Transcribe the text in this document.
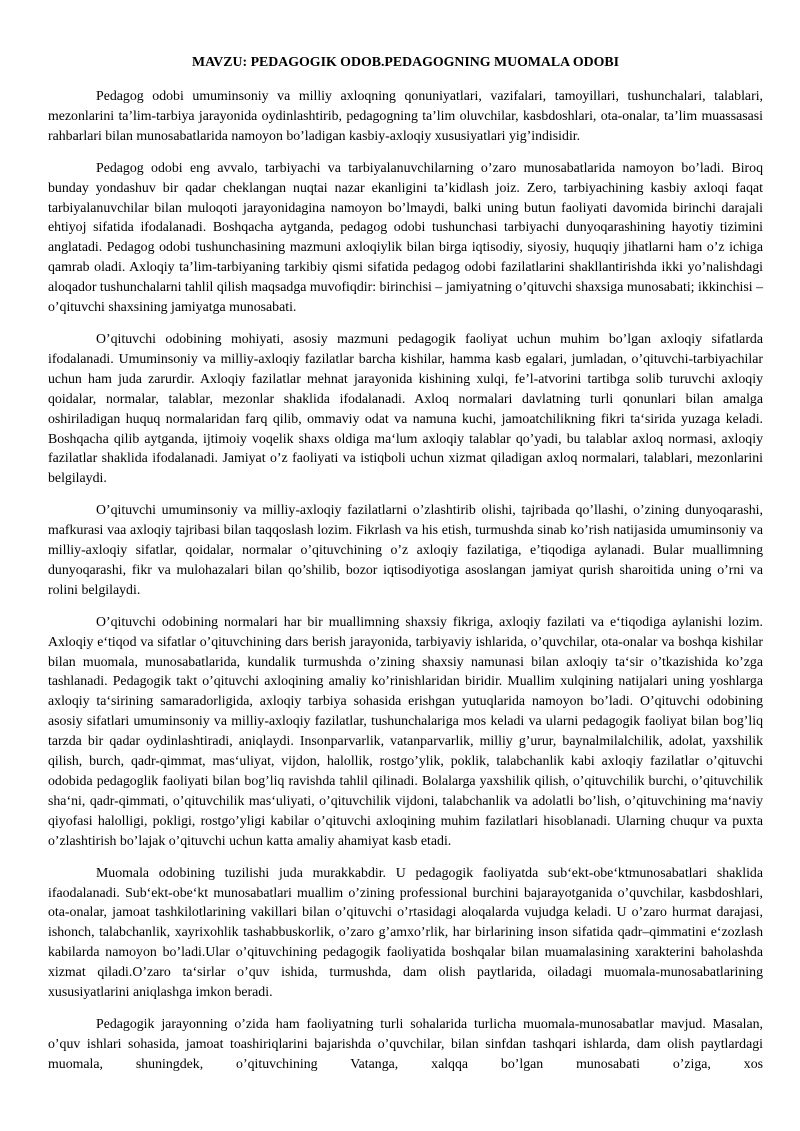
MAVZU: PEDAGOGIK ODOB.PEDAGOGNING MUOMALA ODOBI

Pedagog odobi umuminsoniy va milliy axloqning qonuniyatlari, vazifalari, tamoyillari, tushunchalari, talablari, mezonlarini ta’lim-tarbiya jarayonida oydinlashtirib, pedagogning ta’lim oluvchilar, kasbdoshlari, ota-onalar, ta’lim muassasasi rahbarlari bilan munosabatlarida namoyon bo’ladigan kasbiy-axloqiy xususiyatlari yig’indisidir.

Pedagog odobi eng avvalo, tarbiyachi va tarbiyalanuvchilarning o’zaro munosabatlarida namoyon bo’ladi. Biroq bunday yondashuv bir qadar cheklangan nuqtai nazar ekanligini ta’kidlash joiz. Zero, tarbiyachining kasbiy axloqi faqat tarbiyalanuvchilar bilan muloqoti jarayonidagina namoyon bo’lmaydi, balki uning butun faoliyati davomida birinchi darajali ehtiyoj sifatida ifodalanadi. Boshqacha aytganda, pedagog odobi tushunchasi tarbiyachi dunyoqarashining hayotiy tizimini anglatadi. Pedagog odobi tushunchasining mazmuni axloqiylik bilan birga iqtisodiy, siyosiy, huquqiy jihatlarni ham o’z ichiga qamrab oladi. Axloqiy ta’lim-tarbiyaning tarkibiy qismi sifatida pedagog odobi fazilatlarini shakllantirishda ikki yo’nalishdagi aloqador tushunchalarni tahlil qilish maqsadga muvofiqdir: birinchisi – jamiyatning o’qituvchi shaxsiga munosabati; ikkinchisi – o’qituvchi shaxsining jamiyatga munosabati.

O’qituvchi odobining mohiyati, asosiy mazmuni pedagogik faoliyat uchun muhim bo’lgan axloqiy sifatlarda ifodalanadi. Umuminsoniy va milliy-axloqiy fazilatlar barcha kishilar, hamma kasb egalari, jumladan, o’qituvchi-tarbiyachilar uchun ham juda zarurdir. Axloqiy fazilatlar mehnat jarayonida kishining xulqi, fe’l-atvorini tartibga solib turuvchi axloqiy qoidalar, normalar, talablar, mezonlar shaklida ifodalanadi. Axloq normalari davlatning turli qonunlari bilan amalga oshiriladigan huquq normalaridan farq qilib, ommaviy odat va namuna kuchi, jamoatchilikning fikri ta‘sirida yuzaga keladi. Boshqacha qilib aytganda, ijtimoiy voqelik shaxs oldiga ma‘lum axloqiy talablar qo’yadi, bu talablar axloq normasi, axloqiy fazilatlar shaklida ifodalanadi. Jamiyat o’z faoliyati va istiqboli uchun xizmat qiladigan axloq normalari, talablari, mezonlarini belgilaydi.

O’qituvchi umuminsoniy va milliy-axloqiy fazilatlarni o’zlashtirib olishi, tajribada qo’llashi, o’zining dunyoqarashi, mafkurasi vaa axloqiy tajribasi bilan taqqoslash lozim. Fikrlash va his etish, turmushda sinab ko’rish natijasida umuminsoniy va milliy-axloqiy sifatlar, qoidalar, normalar o’qituvchining o’z axloqiy fazilatiga, e’tiqodiga aylanadi. Bular muallimning dunyoqarashi, fikr va mulohazalari bilan qo’shilib, bozor iqtisodiyotiga asoslangan jamiyat qurish sharoitida uning o’rni va rolini belgilaydi.

O’qituvchi odobining normalari har bir muallimning shaxsiy fikriga, axloqiy fazilati va e‘tiqodiga aylanishi lozim. Axloqiy e‘tiqod va sifatlar o’qituvchining dars berish jarayonida, tarbiyaviy ishlarida, o’quvchilar, ota-onalar va boshqa kishilar bilan muomala, munosabatlarida, kundalik turmushda o’zining shaxsiy namunasi bilan axloqiy ta‘sir o’tkazishida ko’zga tashlanadi. Pedagogik takt o’qituvchi axloqining amaliy ko’rinishlaridan biridir. Muallim xulqining natijalari uning yoshlarga axloqiy ta‘sirining samaradorligida, axloqiy tarbiya sohasida erishgan yutuqlarida namoyon bo’ladi. O’qituvchi odobining asosiy sifatlari umuminsoniy va milliy-axloqiy fazilatlar, tushunchalariga mos keladi va ularni pedagogik faoliyat bilan bog’liq tarzda bir qadar oydinlashtiradi, aniqlaydi. Insonparvarlik, vatanparvarlik, milliy g’urur, baynalmilalchilik, adolat, yaxshilik qilish, burch, qadr-qimmat, mas‘uliyat, vijdon, halollik, rostgo’ylik, poklik, talabchanlik kabi axloqiy fazilatlar o’qituvchi odobida pedagoglik faoliyati bilan bog’liq ravishda tahlil qilinadi. Bolalarga yaxshilik qilish, o’qituvchilik burchi, o’qituvchilik sha‘ni, qadr-qimmati, o’qituvchilik mas‘uliyati, o’qituvchilik vijdoni, talabchanlik va adolatli bo’lish, o’qituvchining ma‘naviy qiyofasi halolligi, pokligi, rostgo’yligi kabilar o’qituvchi axloqining muhim fazilatlari hisoblanadi. Ularning chuqur va puxta o’zlashtirish bo’lajak o’qituvchi uchun katta amaliy ahamiyat kasb etadi.

Muomala odobining tuzilishi juda murakkabdir. U pedagogik faoliyatda sub‘ekt-obe‘ktmunosabatlari shaklida ifaodalanadi. Sub‘ekt-obe‘kt munosabatlari muallim o’zining professional burchini bajarayotganida o’quvchilar, kasbdoshlari, ota-onalar, jamoat tashkilotlarining vakillari bilan o’qituvchi o’rtasidagi aloqalarda vujudga keladi. U o’zaro hurmat darajasi, ishonch, talabchanlik, xayrixohlik tashabbuskorlik, o’zaro g’amxo’rlik, har birlarining inson sifatida qadr–qimmatini e‘zozlash kabilarda namoyon bo’ladi.Ular o’qituvchining pedagogik faoliyatida boshqalar bilan muamalasining xarakterini baholashda xizmat qiladi.O’zaro ta‘sirlar o’quv ishida, turmushda, dam olish paytlarida, oiladagi muomala-munosabatlarining xususiyatlarini aniqlashga imkon beradi.

Pedagogik jarayonning o’zida ham faoliyatning turli sohalarida turlicha muomala-munosabatlar mavjud. Masalan, o’quv ishlari sohasida, jamoat toashiriqlarini bajarishda o’quvchilar, bilan sinfdan tashqari ishlarda, dam olish paytlardagi muomala, shuningdek, o’qituvchining Vatanga, xalqqa bo’lgan munosabati o’ziga, xos
